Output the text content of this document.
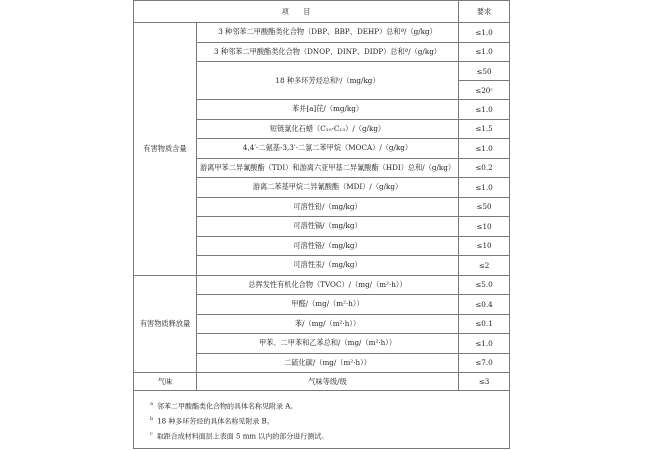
项　　目		要求
有害物质含量	3 种邻苯二甲酸酯类化合物（DBP、BBP、DEHP）总和ª/（g/kg）	≤1.0
	3 种邻苯二甲酸酯类化合物（DNOP、DINP、DIDP）总和ª/（g/kg）	≤1.0
	18 种多环芳烃总和ᵇ/（mg/kg）	≤50
		≤20ᶜ
	苯并[a]芘/（mg/kg）	≤1.0
	短链氯化石蜡（C₁₀-C₁₃）/（g/kg）	≤1.5
	4,4′-二氨基-3,3′-二氯二苯甲烷（MOCA）/（g/kg）	≤1.0
	游离甲苯二异氰酸酯（TDI）和游离六亚甲基二异氰酸酯（HDI）总和/（g/kg）	≤0.2
	游离二苯基甲烷二异氰酸酯（MDI）/（g/kg）	≤1.0
	可溶性铅/（mg/kg）	≤50
	可溶性镉/（mg/kg）	≤10
	可溶性铬/（mg/kg）	≤10
	可溶性汞/（mg/kg）	≤2
有害物质释放量	总挥发性有机化合物（TVOC）/（mg/（m²·h））	≤5.0
	甲醛/（mg/（m²·h））	≤0.4
	苯/（mg/（m²·h））	≤0.1
	甲苯、二甲苯和乙苯总和/（mg/（m²·h））	≤1.0
	二硫化碳/（mg/（m²·h））	≤7.0
气味	气味等级/级	≤3

$^a$ 邻苯二甲酸酯类化合物的具体名称见附录 A。
$^b$ 18 种多环芳烃的具体名称见附录 B。
$^c$ 取距合成材料面层上表面 5 mm 以内的部分进行测试。		
